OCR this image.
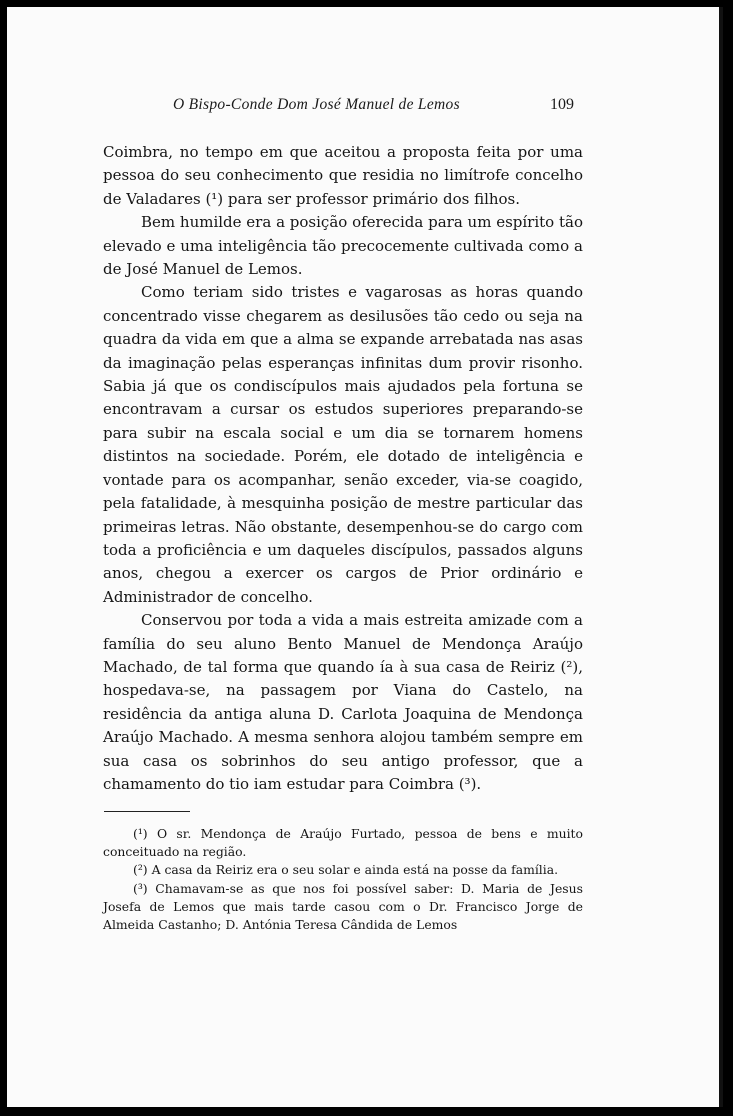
O Bispo-Conde Dom José Manuel de Lemos	109

Coimbra, no tempo em que aceitou a proposta feita por uma pessoa do seu conhecimento que residia no limítrofe concelho de Valadares (¹) para ser professor primário dos filhos.

Bem humilde era a posição oferecida para um espírito tão elevado e uma inteligência tão precocemente cultivada como a de José Manuel de Lemos.

Como teriam sido tristes e vagarosas as horas quando concentrado visse chegarem as desilusões tão cedo ou seja na quadra da vida em que a alma se expande arrebatada nas asas da imaginação pelas esperanças infinitas dum provir risonho. Sabia já que os condiscípulos mais ajudados pela fortuna se encontravam a cursar os estudos superiores preparando-se para subir na escala social e um dia se tornarem homens distintos na sociedade. Porém, ele dotado de inteligência e vontade para os acompanhar, senão exceder, via-se coagido, pela fatalidade, à mesquinha posição de mestre particular das primeiras letras. Não obstante, desempenhou-se do cargo com toda a proficiência e um daqueles discípulos, passados alguns anos, chegou a exercer os cargos de Prior ordinário e Administrador de concelho.

Conservou por toda a vida a mais estreita amizade com a família do seu aluno Bento Manuel de Mendonça Araújo Machado, de tal forma que quando ía à sua casa de Reiriz (²), hospedava-se, na passagem por Viana do Castelo, na residência da antiga aluna D. Carlota Joaquina de Mendonça Araújo Machado. A mesma senhora alojou também sempre em sua casa os sobrinhos do seu antigo professor, que a chamamento do tio iam estudar para Coimbra (³).

(¹) O sr. Mendonça de Araújo Furtado, pessoa de bens e muito conceituado na região.

(²) A casa da Reiriz era o seu solar e ainda está na posse da família.

(³) Chamavam-se as que nos foi possível saber: D. Maria de Jesus Josefa de Lemos que mais tarde casou com o Dr. Francisco Jorge de Almeida Castanho; D. Antónia Teresa Cândida de Lemos
